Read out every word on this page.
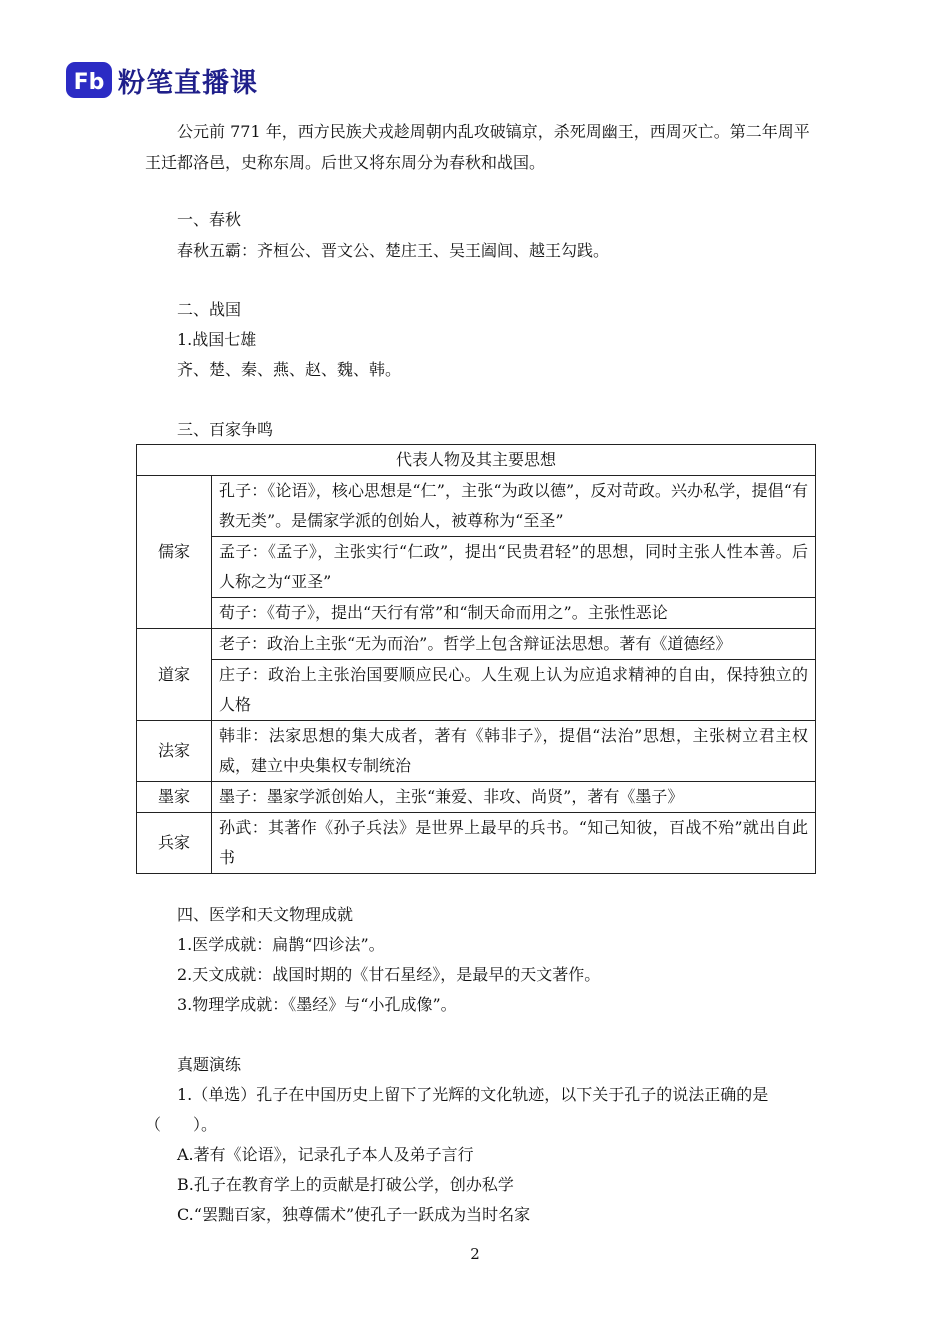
Fb 粉笔直播课
公元前 771 年，西方民族犬戎趁周朝内乱攻破镐京，杀死周幽王，西周灭亡。第二年周平王迁都洛邑，史称东周。后世又将东周分为春秋和战国。
一、春秋
春秋五霸：齐桓公、晋文公、楚庄王、吴王阖闾、越王勾践。
二、战国
1.战国七雄
齐、楚、秦、燕、赵、魏、韩。
三、百家争鸣
代表人物及其主要思想	
儒家	孔子：《论语》，核心思想是“仁”，主张“为政以德”，反对苛政。兴办私学，提倡“有教无类”。是儒家学派的创始人，被尊称为“至圣”
	孟子：《孟子》，主张实行“仁政”，提出“民贵君轻”的思想，同时主张人性本善。后人称之为“亚圣”
	荀子：《荀子》，提出“天行有常”和“制天命而用之”。主张性恶论
道家	老子：政治上主张“无为而治”。哲学上包含辩证法思想。著有《道德经》
	庄子：政治上主张治国要顺应民心。人生观上认为应追求精神的自由，保持独立的人格
法家	韩非：法家思想的集大成者，著有《韩非子》，提倡“法治”思想，主张树立君主权威，建立中央集权专制统治
墨家	墨子：墨家学派创始人，主张“兼爱、非攻、尚贤”，著有《墨子》
兵家	孙武：其著作《孙子兵法》是世界上最早的兵书。“知己知彼，百战不殆”就出自此书
四、医学和天文物理成就
1.医学成就：扁鹊“四诊法”。
2.天文成就：战国时期的《甘石星经》，是最早的天文著作。
3.物理学成就：《墨经》与“小孔成像”。
真题演练
1.（单选）孔子在中国历史上留下了光辉的文化轨迹，以下关于孔子的说法正确的是（　　）。
A.著有《论语》，记录孔子本人及弟子言行
B.孔子在教育学上的贡献是打破公学，创办私学
C.“罢黜百家，独尊儒术”使孔子一跃成为当时名家
2
